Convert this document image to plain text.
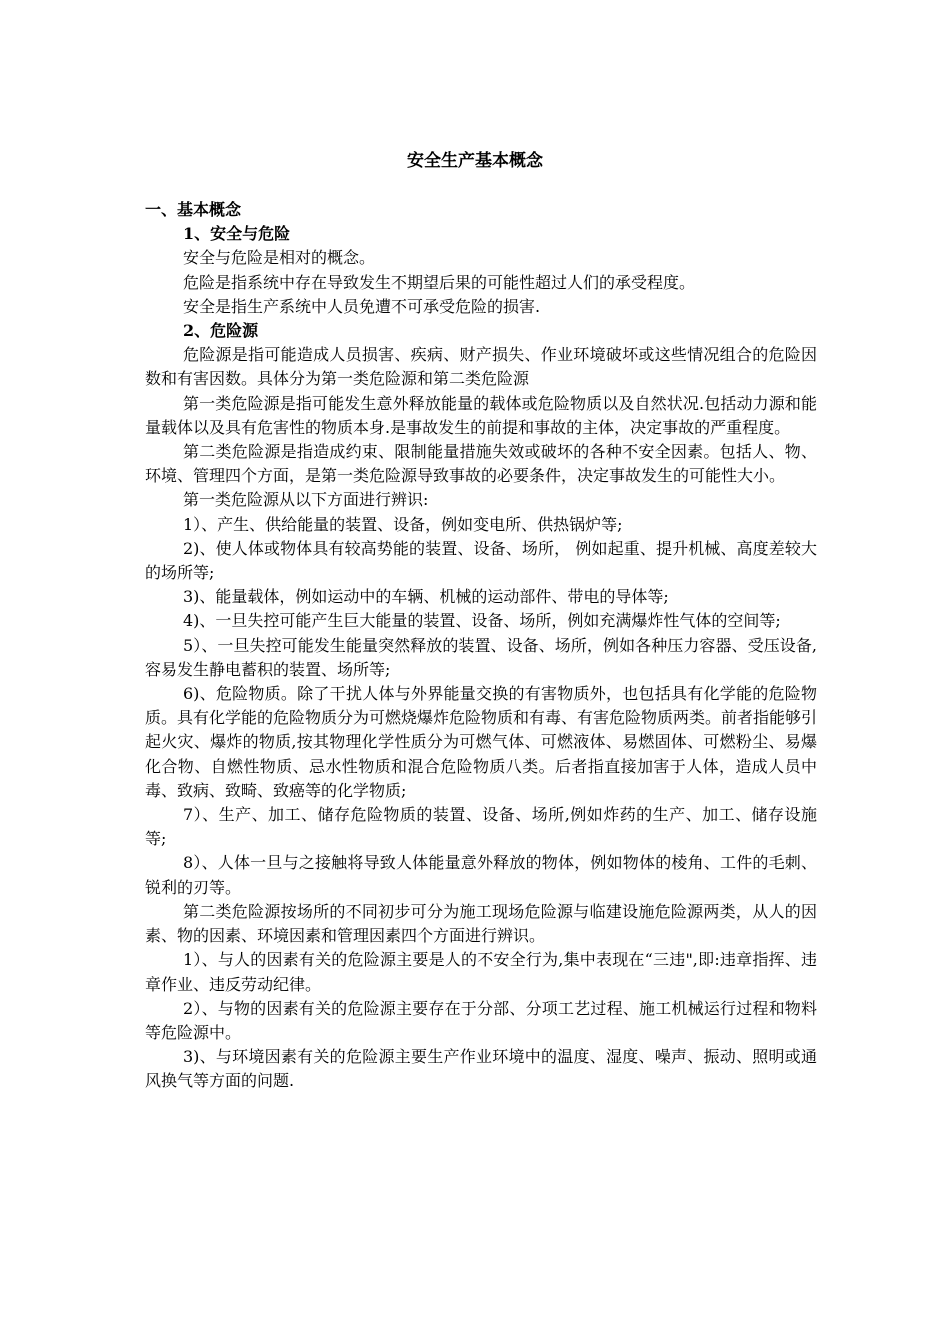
安全生产基本概念

一、基本概念

1、安全与危险

安全与危险是相对的概念。

危险是指系统中存在导致发生不期望后果的可能性超过人们的承受程度。

安全是指生产系统中人员免遭不可承受危险的损害.

2、危险源

危险源是指可能造成人员损害、疾病、财产损失、作业环境破坏或这些情况组合的危险因数和有害因数。具体分为第一类危险源和第二类危险源

第一类危险源是指可能发生意外释放能量的载体或危险物质以及自然状况.包括动力源和能量载体以及具有危害性的物质本身.是事故发生的前提和事故的主体，决定事故的严重程度。

第二类危险源是指造成约束、限制能量措施失效或破坏的各种不安全因素。包括人、物、环境、管理四个方面，是第一类危险源导致事故的必要条件，决定事故发生的可能性大小。

第一类危险源从以下方面进行辨识:

1）、产生、供给能量的装置、设备，例如变电所、供热锅炉等;

2)、使人体或物体具有较高势能的装置、设备、场所， 例如起重、提升机械、高度差较大的场所等;

3)、能量载体，例如运动中的车辆、机械的运动部件、带电的导体等;

4)、一旦失控可能产生巨大能量的装置、设备、场所，例如充满爆炸性气体的空间等;

5）、一旦失控可能发生能量突然释放的装置、设备、场所，例如各种压力容器、受压设备,容易发生静电蓄积的装置、场所等;

6)、危险物质。除了干扰人体与外界能量交换的有害物质外，也包括具有化学能的危险物质。具有化学能的危险物质分为可燃烧爆炸危险物质和有毒、有害危险物质两类。前者指能够引起火灾、爆炸的物质,按其物理化学性质分为可燃气体、可燃液体、易燃固体、可燃粉尘、易爆化合物、自燃性物质、忌水性物质和混合危险物质八类。后者指直接加害于人体，造成人员中毒、致病、致畸、致癌等的化学物质;

7）、生产、加工、储存危险物质的装置、设备、场所,例如炸药的生产、加工、储存设施等;

8）、人体一旦与之接触将导致人体能量意外释放的物体，例如物体的棱角、工件的毛刺、锐利的刃等。

第二类危险源按场所的不同初步可分为施工现场危险源与临建设施危险源两类，从人的因素、物的因素、环境因素和管理因素四个方面进行辨识。

1）、与人的因素有关的危险源主要是人的不安全行为,集中表现在“三违",即:违章指挥、违章作业、违反劳动纪律。

2）、与物的因素有关的危险源主要存在于分部、分项工艺过程、施工机械运行过程和物料等危险源中。

3)、与环境因素有关的危险源主要生产作业环境中的温度、湿度、噪声、振动、照明或通风换气等方面的问题.
